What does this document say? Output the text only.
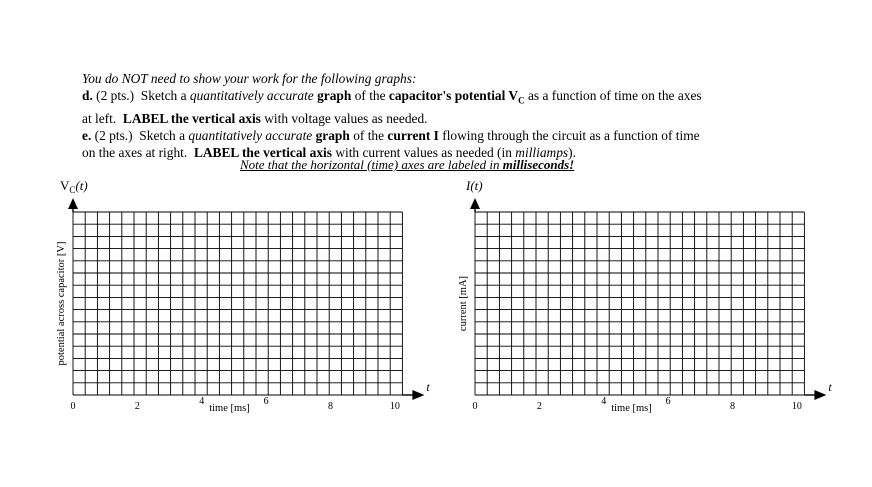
You do NOT need to show your work for the following graphs:
d. (2 pts.) Sketch a quantitatively accurate graph of the capacitor's potential $V_C$ as a function of time on the axes
at left. LABEL the vertical axis with voltage values as needed.
e. (2 pts.) Sketch a quantitatively accurate graph of the current I flowing through the circuit as a function of time
on the axes at right. LABEL the vertical axis with current values as needed (in milliamps).
Note that the horizontal (time) axes are labeled in milliseconds!
t
$V_C(t)$
potential across capacitor [V]
0	2	4	6	8	10
time [ms]
t
I(t)
current [mA]
0	2	4	6	8	10
time [ms]
